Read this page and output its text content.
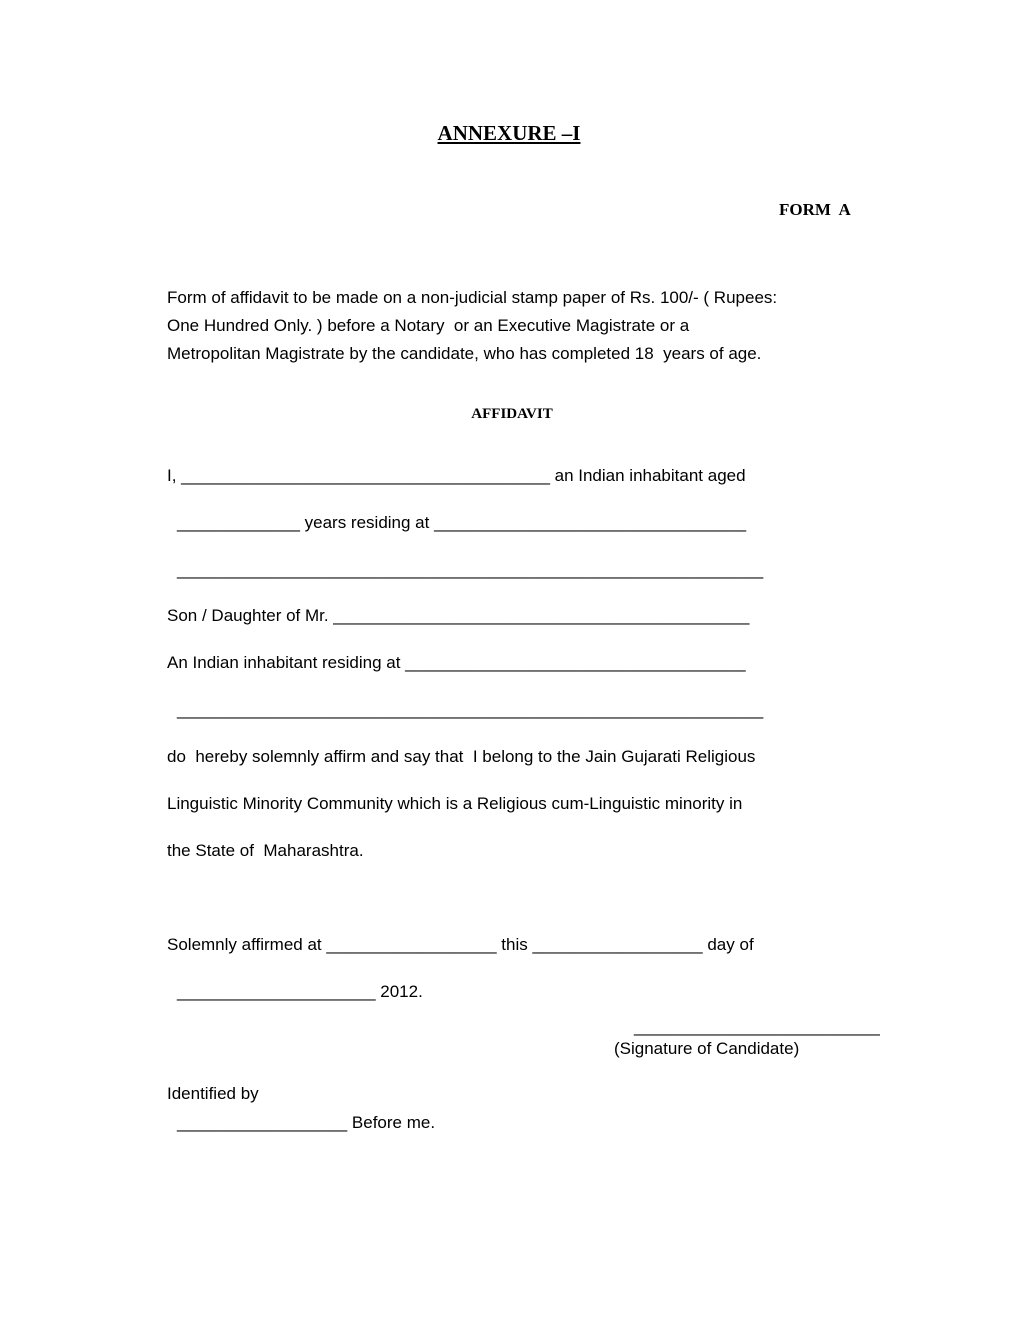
ANNEXURE –I
FORM  A
Form of affidavit to be made on a non-judicial stamp paper of Rs. 100/- ( Rupees:
One Hundred Only. ) before a Notary  or an Executive Magistrate or a
Metropolitan Magistrate by the candidate, who has completed 18  years of age.
AFFIDAVIT
I, _______________________________________ an Indian inhabitant aged
_____________ years residing at _________________________________
______________________________________________________________
Son / Daughter of Mr. ____________________________________________
An Indian inhabitant residing at ____________________________________
______________________________________________________________
do  hereby solemnly affirm and say that  I belong to the Jain Gujarati Religious
Linguistic Minority Community which is a Religious cum-Linguistic minority in
the State of  Maharashtra.
Solemnly affirmed at __________________ this __________________ day of
_____________________ 2012.
__________________________
(Signature of Candidate)
Identified by
__________________ Before me.
